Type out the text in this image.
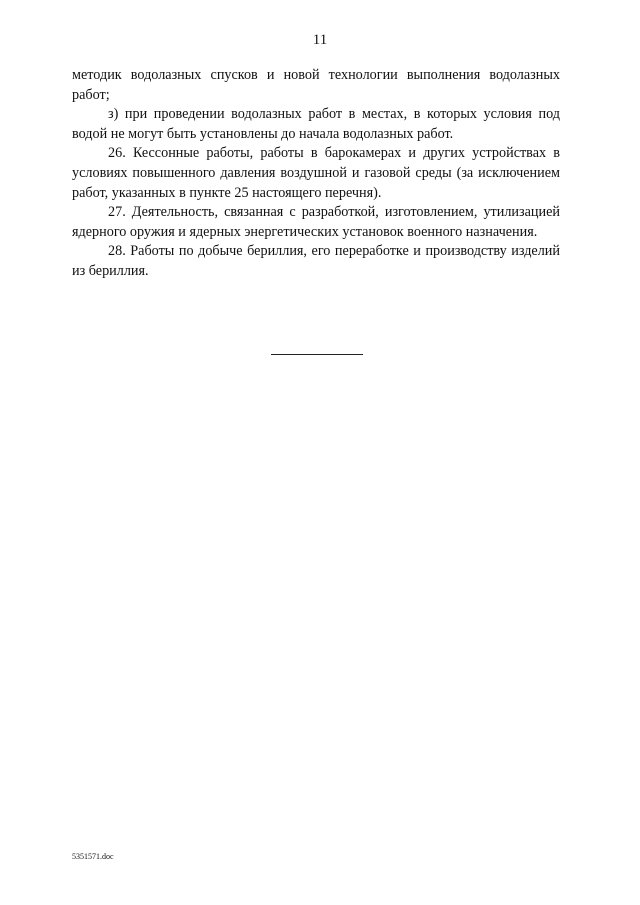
11

методик водолазных спусков и новой технологии выполнения водолазных работ;

з) при проведении водолазных работ в местах, в которых условия под водой не могут быть установлены до начала водолазных работ.

26. Кессонные работы, работы в барокамерах и других устройствах в условиях повышенного давления воздушной и газовой среды (за исключением работ, указанных в пункте 25 настоящего перечня).

27. Деятельность, связанная с разработкой, изготовлением, утилизацией ядерного оружия и ядерных энергетических установок военного назначения.

28. Работы по добыче бериллия, его переработке и производству изделий из бериллия.

5351571.doc
